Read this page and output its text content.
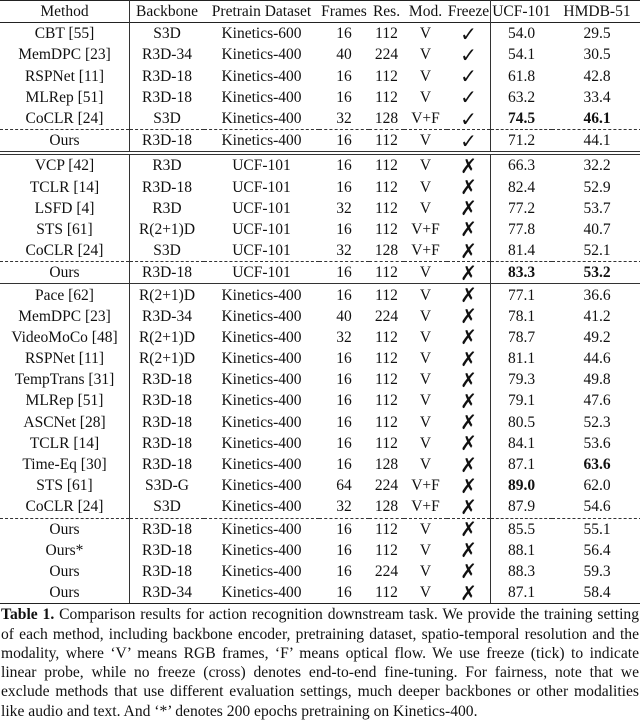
Method	Backbone	Pretrain Dataset	Frames	Res.	Mod.	Freeze	UCF-101	HMDB-51
CBT [55]	S3D	Kinetics-600	16	112	V	✓	54.0	29.5
MemDPC [23]	R3D-34	Kinetics-400	40	224	V	✓	54.1	30.5
RSPNet [11]	R3D-18	Kinetics-400	16	112	V	✓	61.8	42.8
MLRep [51]	R3D-18	Kinetics-400	16	112	V	✓	63.2	33.4
CoCLR [24]	S3D	Kinetics-400	32	128	V+F	✓	74.5	46.1
Ours	R3D-18	Kinetics-400	16	112	V	✓	71.2	44.1
VCP [42]	R3D	UCF-101	16	112	V	✗	66.3	32.2
TCLR [14]	R3D-18	UCF-101	16	112	V	✗	82.4	52.9
LSFD [4]	R3D	UCF-101	32	112	V	✗	77.2	53.7
STS [61]	R(2+1)D	UCF-101	16	112	V+F	✗	77.8	40.7
CoCLR [24]	S3D	UCF-101	32	128	V+F	✗	81.4	52.1
Ours	R3D-18	UCF-101	16	112	V	✗	83.3	53.2
Pace [62]	R(2+1)D	Kinetics-400	16	112	V	✗	77.1	36.6
MemDPC [23]	R3D-34	Kinetics-400	40	224	V	✗	78.1	41.2
VideoMoCo [48]	R(2+1)D	Kinetics-400	32	112	V	✗	78.7	49.2
RSPNet [11]	R(2+1)D	Kinetics-400	16	112	V	✗	81.1	44.6
TempTrans [31]	R3D-18	Kinetics-400	16	112	V	✗	79.3	49.8
MLRep [51]	R3D-18	Kinetics-400	16	112	V	✗	79.1	47.6
ASCNet [28]	R3D-18	Kinetics-400	16	112	V	✗	80.5	52.3
TCLR [14]	R3D-18	Kinetics-400	16	112	V	✗	84.1	53.6
Time-Eq [30]	R3D-18	Kinetics-400	16	128	V	✗	87.1	63.6
STS [61]	S3D-G	Kinetics-400	64	224	V+F	✗	89.0	62.0
CoCLR [24]	S3D	Kinetics-400	32	128	V+F	✗	87.9	54.6
Ours	R3D-18	Kinetics-400	16	112	V	✗	85.5	55.1
Ours*	R3D-18	Kinetics-400	16	112	V	✗	88.1	56.4
Ours	R3D-18	Kinetics-400	16	224	V	✗	88.3	59.3
Ours	R3D-34	Kinetics-400	16	112	V	✗	87.1	58.4
Table 1. Comparison results for action recognition downstream task. We provide the training setting of each method, including backbone encoder, pretraining dataset, spatio-temporal resolution and the modality, where ‘V’ means RGB frames, ‘F’ means optical flow. We use freeze (tick) to indicate linear probe, while no freeze (cross) denotes end-to-end fine-tuning. For fairness, note that we exclude methods that use different evaluation settings, much deeper backbones or other modalities like audio and text. And ‘*’ denotes 200 epochs pretraining on Kinetics-400.
